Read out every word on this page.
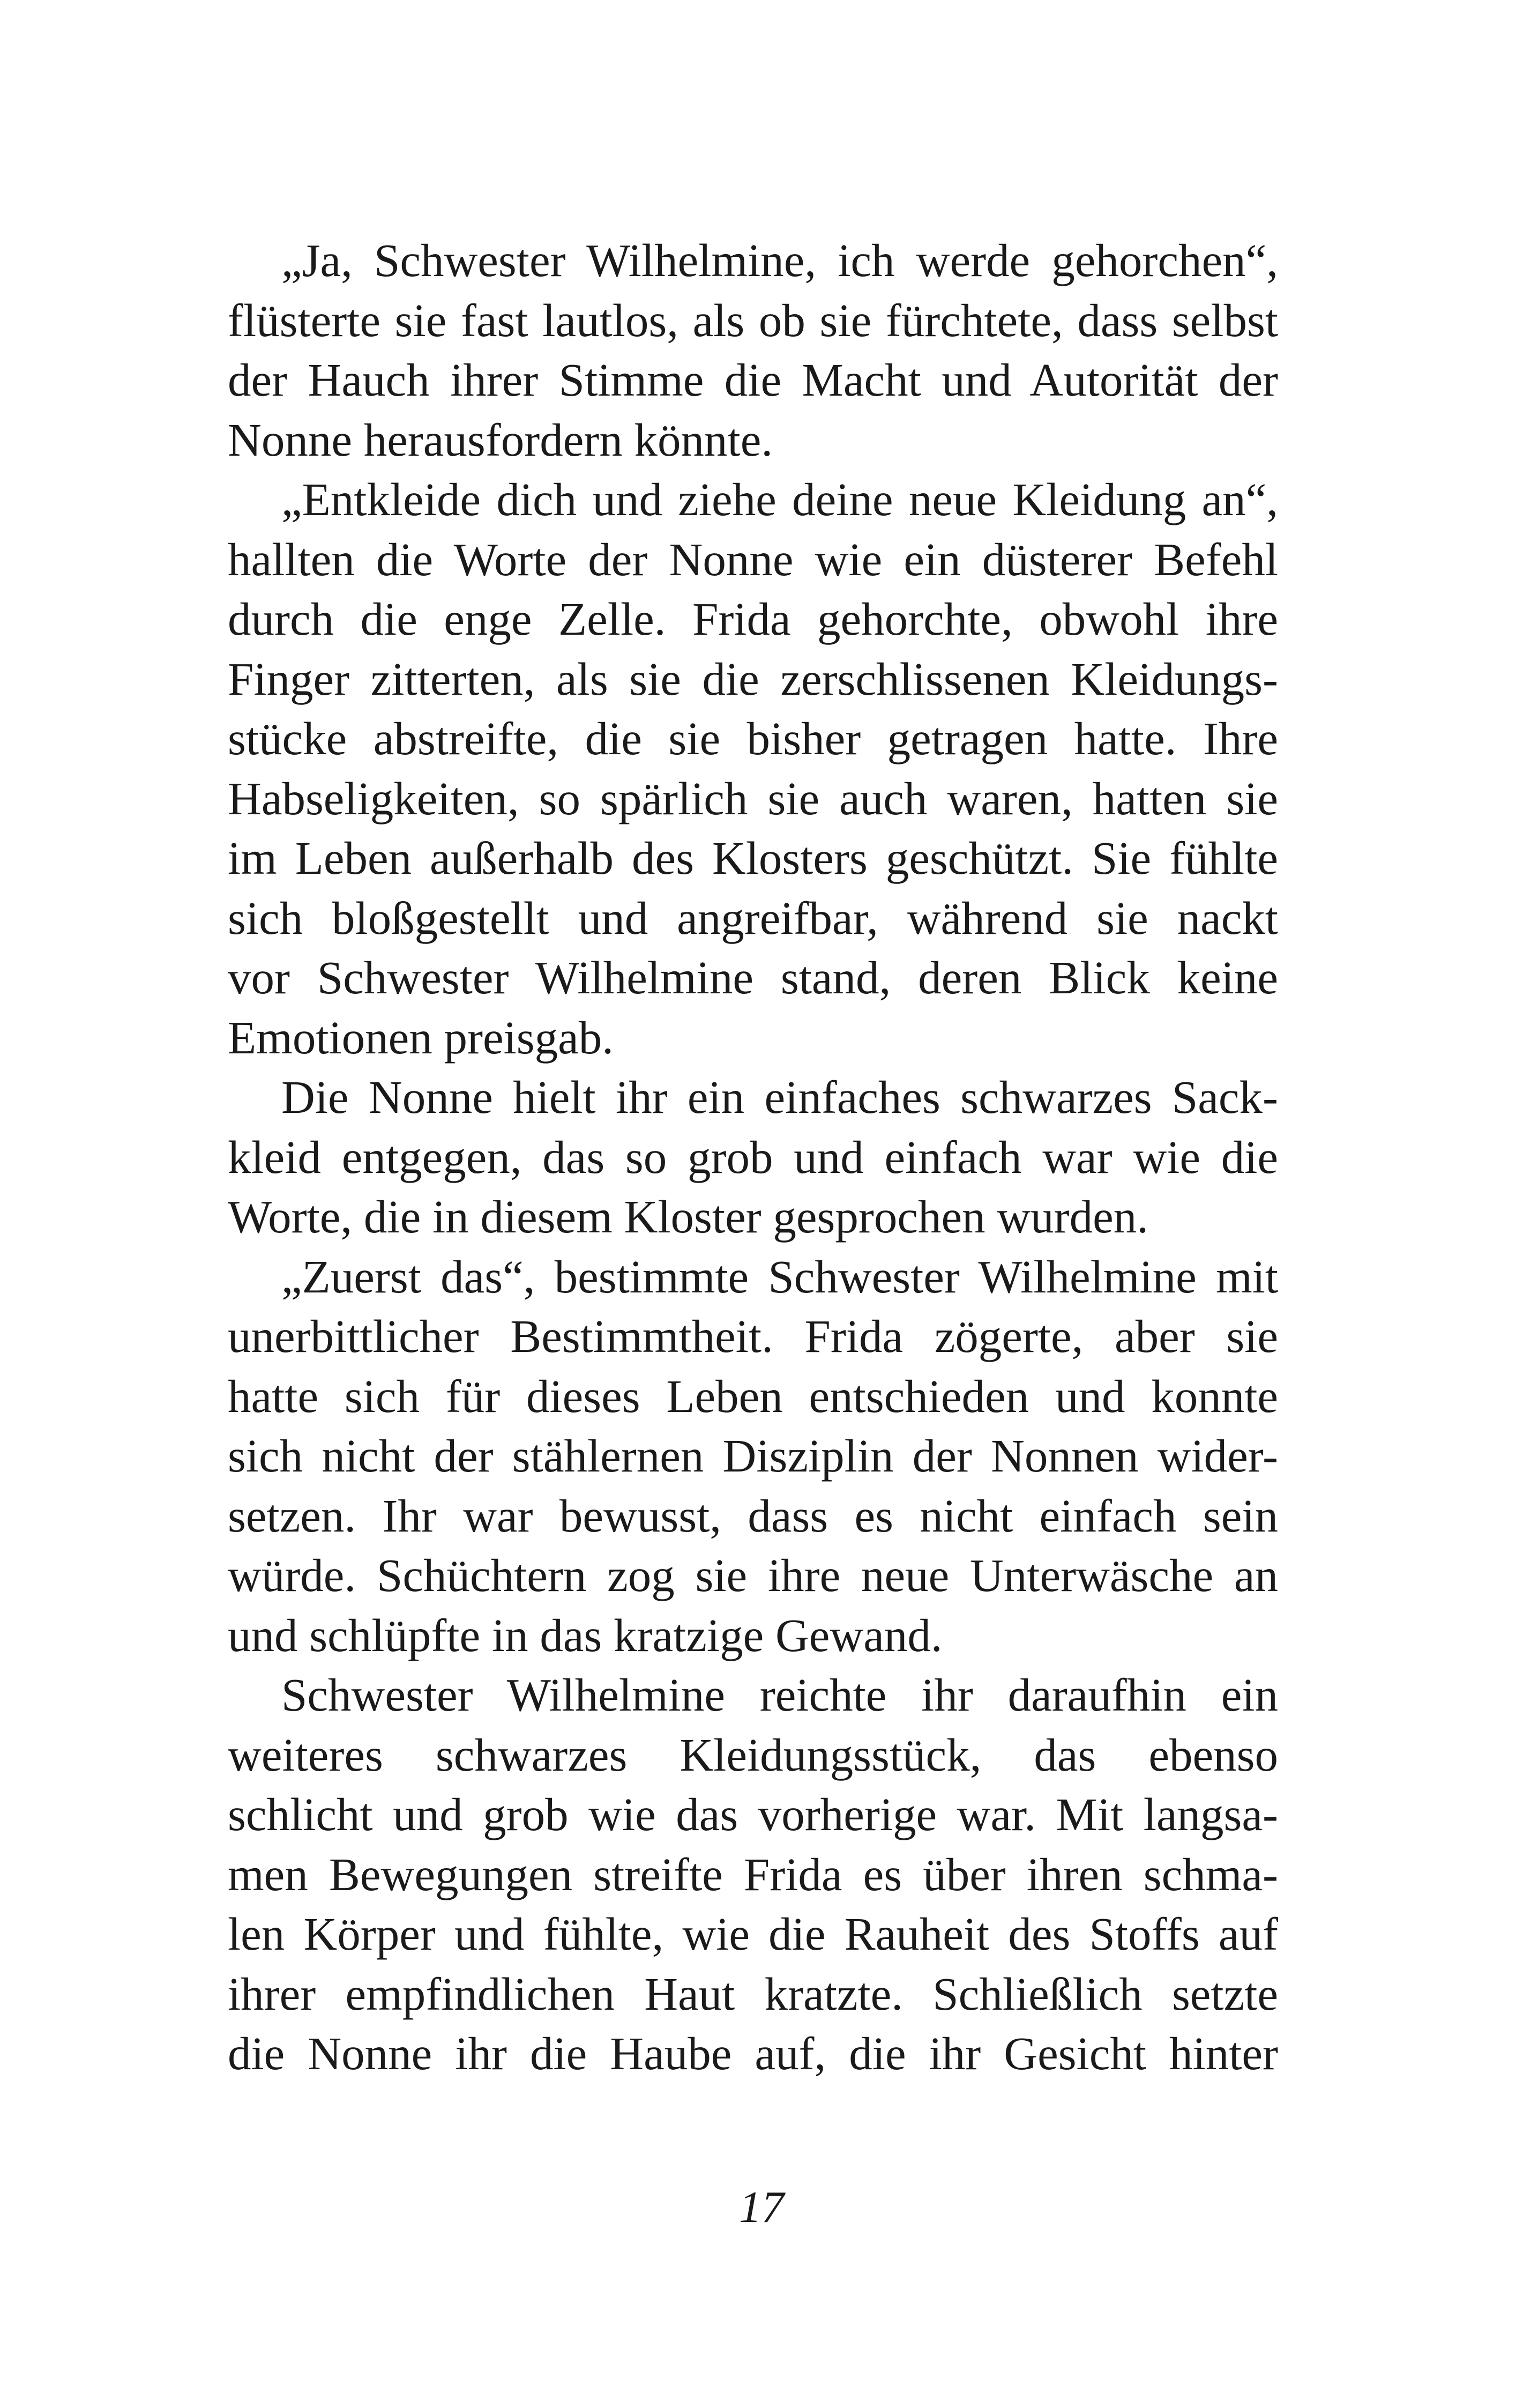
„Ja, Schwester Wilhelmine, ich werde gehorchen“,
flüsterte sie fast lautlos, als ob sie fürchtete, dass selbst
der Hauch ihrer Stimme die Macht und Autorität der
Nonne herausfordern könnte.
„Entkleide dich und ziehe deine neue Kleidung an“,
hallten die Worte der Nonne wie ein düsterer Befehl
durch die enge Zelle. Frida gehorchte, obwohl ihre
Finger zitterten, als sie die zerschlissenen Kleidungs-
stücke abstreifte, die sie bisher getragen hatte. Ihre
Habseligkeiten, so spärlich sie auch waren, hatten sie
im Leben außerhalb des Klosters geschützt. Sie fühlte
sich bloßgestellt und angreifbar, während sie nackt
vor Schwester Wilhelmine stand, deren Blick keine
Emotionen preisgab.
Die Nonne hielt ihr ein einfaches schwarzes Sack-
kleid entgegen, das so grob und einfach war wie die
Worte, die in diesem Kloster gesprochen wurden.
„Zuerst das“, bestimmte Schwester Wilhelmine mit
unerbittlicher Bestimmtheit. Frida zögerte, aber sie
hatte sich für dieses Leben entschieden und konnte
sich nicht der stählernen Disziplin der Nonnen wider-
setzen. Ihr war bewusst, dass es nicht einfach sein
würde. Schüchtern zog sie ihre neue Unterwäsche an
und schlüpfte in das kratzige Gewand.
Schwester Wilhelmine reichte ihr daraufhin ein
weiteres schwarzes Kleidungsstück, das ebenso
schlicht und grob wie das vorherige war. Mit langsa-
men Bewegungen streifte Frida es über ihren schma-
len Körper und fühlte, wie die Rauheit des Stoffs auf
ihrer empfindlichen Haut kratzte. Schließlich setzte
die Nonne ihr die Haube auf, die ihr Gesicht hinter
17
